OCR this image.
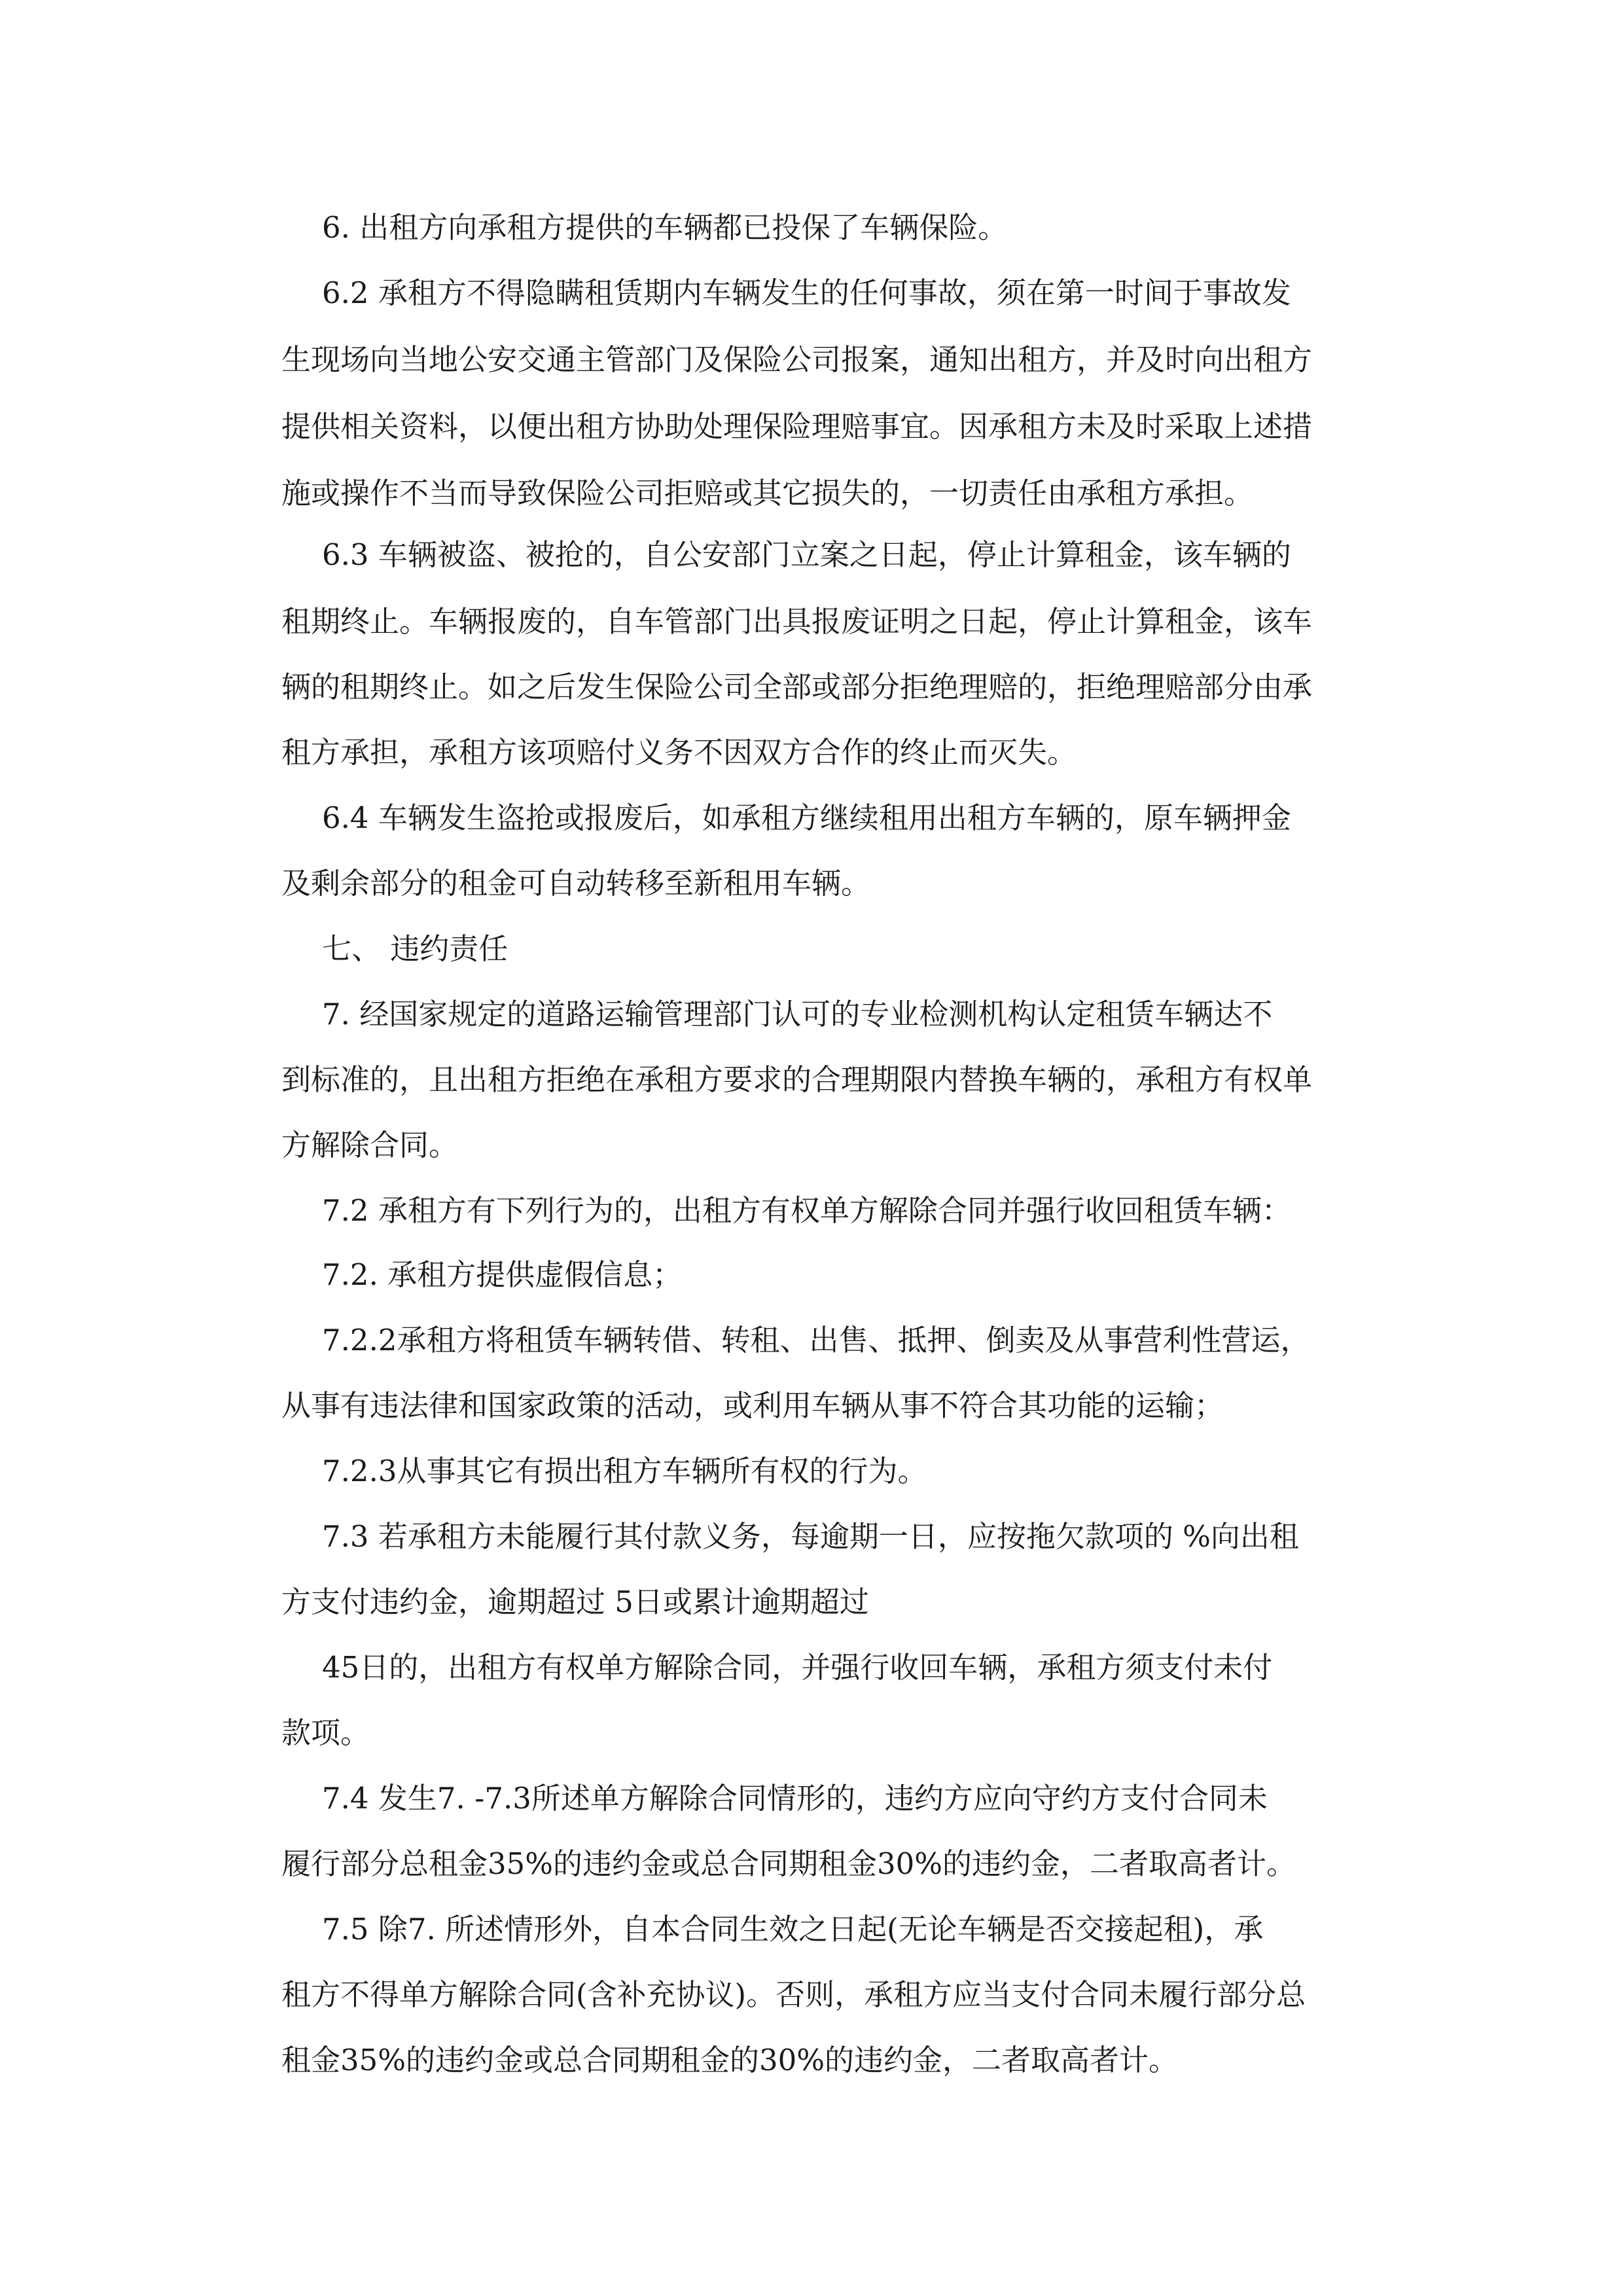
6. 出租方向承租方提供的车辆都已投保了车辆保险。
6.2 承租方不得隐瞒租赁期内车辆发生的任何事故，须在第一时间于事故发
生现场向当地公安交通主管部门及保险公司报案，通知出租方，并及时向出租方
提供相关资料，以便出租方协助处理保险理赔事宜。因承租方未及时采取上述措
施或操作不当而导致保险公司拒赔或其它损失的，一切责任由承租方承担。
6.3 车辆被盗、被抢的，自公安部门立案之日起，停止计算租金，该车辆的
租期终止。车辆报废的，自车管部门出具报废证明之日起，停止计算租金，该车
辆的租期终止。如之后发生保险公司全部或部分拒绝理赔的，拒绝理赔部分由承
租方承担，承租方该项赔付义务不因双方合作的终止而灭失。
6.4 车辆发生盗抢或报废后，如承租方继续租用出租方车辆的，原车辆押金
及剩余部分的租金可自动转移至新租用车辆。
七、 违约责任
7. 经国家规定的道路运输管理部门认可的专业检测机构认定租赁车辆达不
到标准的，且出租方拒绝在承租方要求的合理期限内替换车辆的，承租方有权单
方解除合同。
7.2 承租方有下列行为的，出租方有权单方解除合同并强行收回租赁车辆：
7.2. 承租方提供虚假信息；
7.2.2承租方将租赁车辆转借、转租、出售、抵押、倒卖及从事营利性营运，
从事有违法律和国家政策的活动，或利用车辆从事不符合其功能的运输；
7.2.3从事其它有损出租方车辆所有权的行为。
7.3 若承租方未能履行其付款义务，每逾期一日，应按拖欠款项的 %向出租
方支付违约金，逾期超过 5日或累计逾期超过
45日的，出租方有权单方解除合同，并强行收回车辆，承租方须支付未付
款项。
7.4 发生7. -7.3所述单方解除合同情形的，违约方应向守约方支付合同未
履行部分总租金35%的违约金或总合同期租金30%的违约金，二者取高者计。
7.5 除7. 所述情形外，自本合同生效之日起(无论车辆是否交接起租)，承
租方不得单方解除合同(含补充协议)。否则，承租方应当支付合同未履行部分总
租金35%的违约金或总合同期租金的30%的违约金，二者取高者计。
